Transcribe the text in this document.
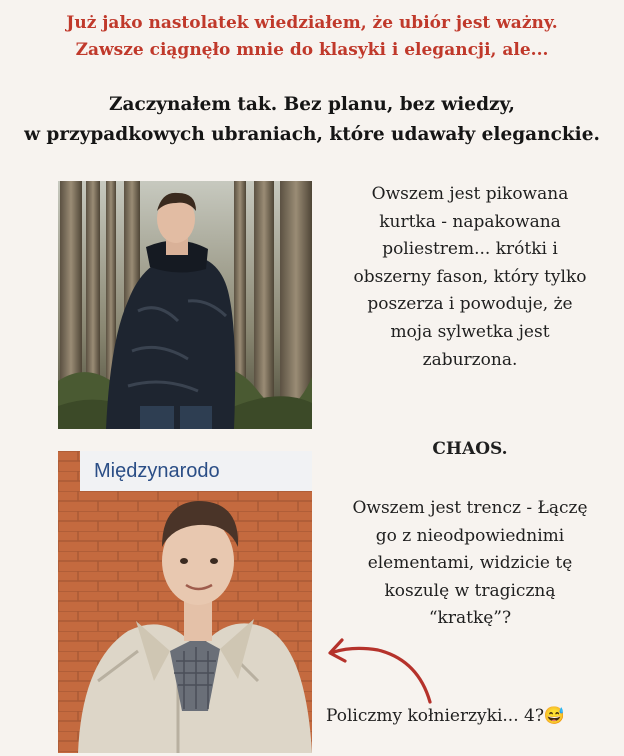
Już jako nastolatek wiedziałem, że ubiór jest ważny.
Zawsze ciągnęło mnie do klasyki i elegancji, ale...
Zaczynałem tak. Bez planu, bez wiedzy,
w przypadkowych ubraniach, które udawały eleganckie.
Owszem jest pikowana
kurtka - napakowana
poliestrem... krótki i
obszerny fason, który tylko
poszerza i powoduje, że
moja sylwetka jest
zaburzona.
CHAOS.
Międzynarodo
Owszem jest trencz - Łączę
go z nieodpowiednimi
elementami, widzicie tę
koszulę w tragiczną
“kratkę”?
Policzmy kołnierzyki... 4?😅
